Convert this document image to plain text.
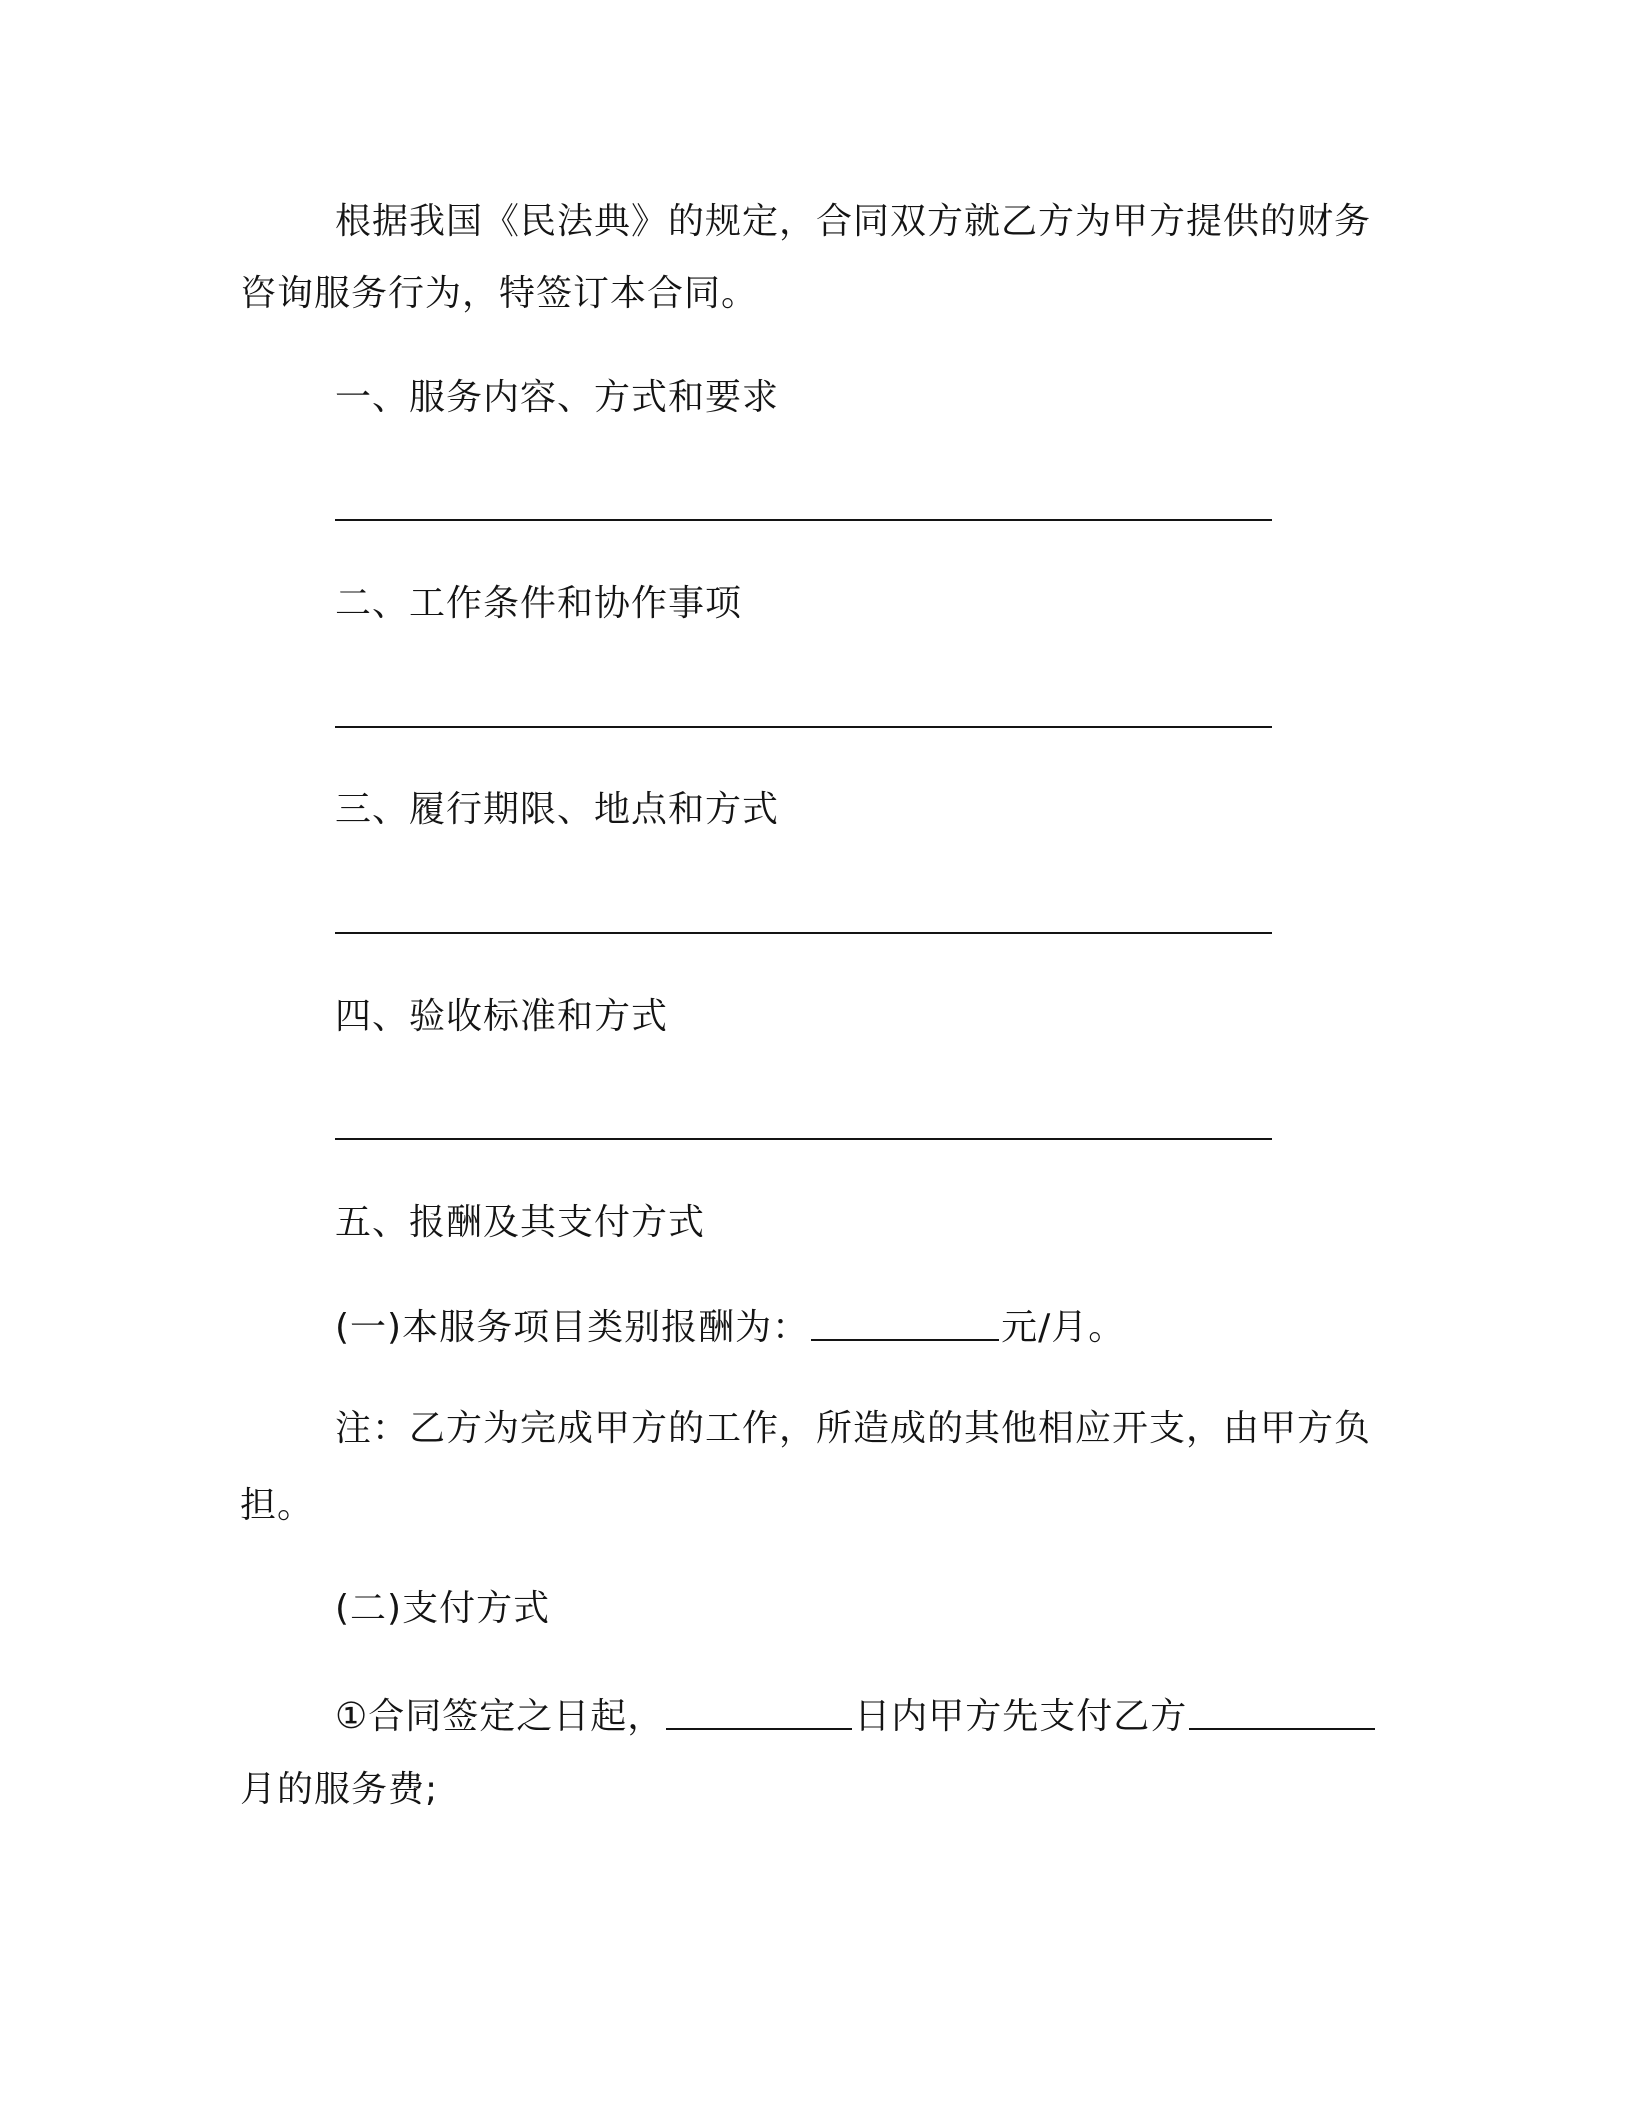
根据我国《民法典》的规定，合同双方就乙方为甲方提供的财务
咨询服务行为，特签订本合同。
一、服务内容、方式和要求
二、工作条件和协作事项
三、履行期限、地点和方式
四、验收标准和方式
五、报酬及其支付方式
(一)本服务项目类别报酬为：	元/月。
注：乙方为完成甲方的工作，所造成的其他相应开支，由甲方负
担。
(二)支付方式
①合同签定之日起，	日内甲方先支付乙方
月的服务费;
